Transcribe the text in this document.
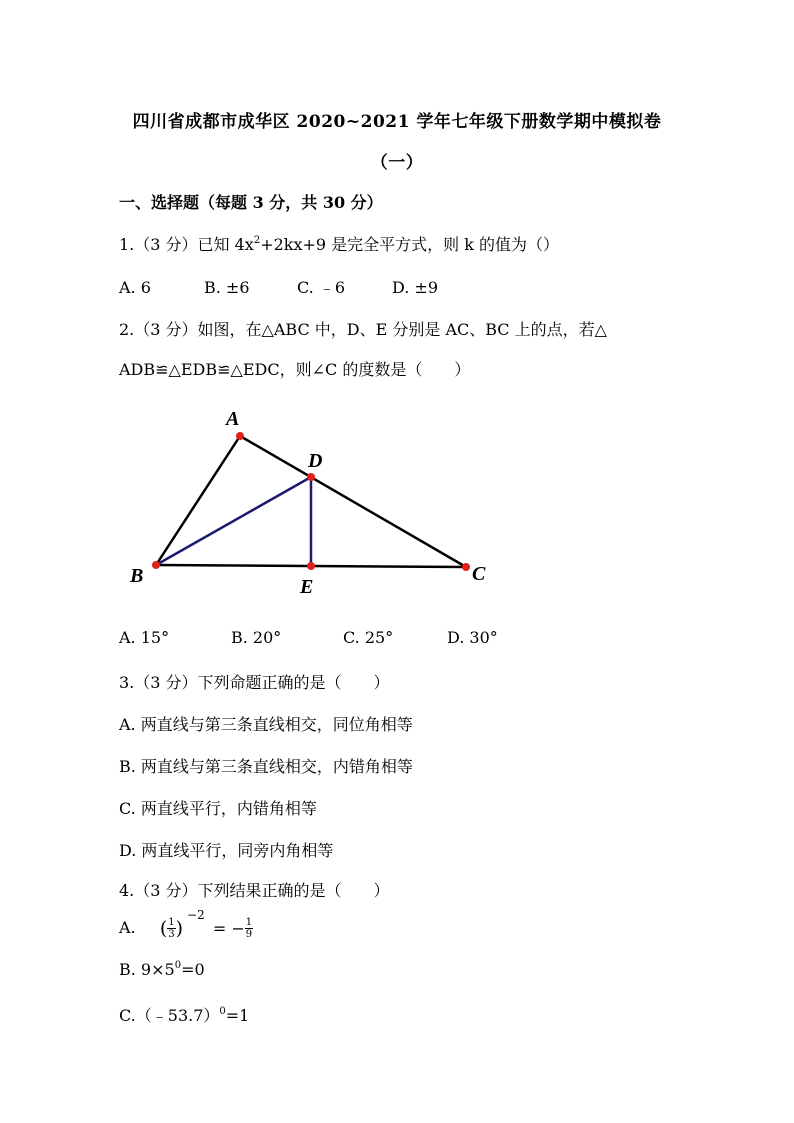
四川省成都市成华区 2020~2021 学年七年级下册数学期中模拟卷
（一）
一、选择题（每题 3 分，共 30 分）
1.（3 分）已知 $4x^2+2kx+9$ 是完全平方式，则 k 的值为（）
A. 6	B. ±6	C. ﹣6	D. ±9
2.（3 分）如图，在△ABC 中，D、E 分别是 AC、BC 上的点，若△
ADB≌△EDB≌△EDC，则∠C 的度数是（　　）
A
B	C
D
E
A. 15°	B. 20°	C. 25°	D. 30°
3.（3 分）下列命题正确的是（　　）
A. 两直线与第三条直线相交，同位角相等
B. 两直线与第三条直线相交，内错角相等
C. 两直线平行，内错角相等
D. 两直线平行，同旁内角相等
4.（3 分）下列结果正确的是（　　）
A. ( $\frac{1}{3} )^{-2}$ = − $\frac{1}{9}$
B. $9\times 5^0=0$
C.（﹣53.7）$^0$=1
